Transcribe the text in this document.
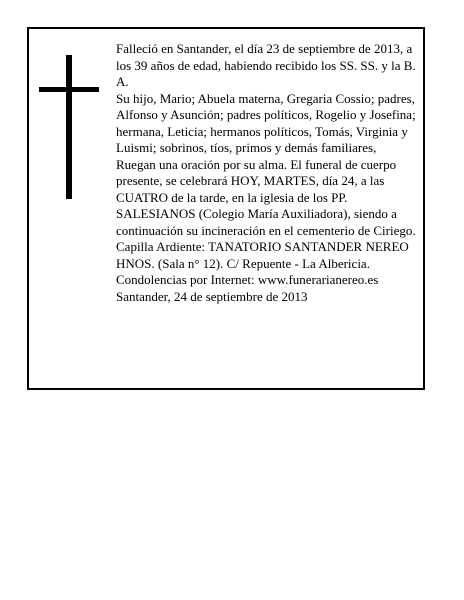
Falleció en Santander, el día 23 de septiembre de 2013, a los 39 años de edad, habiendo recibido los SS. SS. y la B. A.

Su hijo, Mario; Abuela materna, Gregaria Cossio; padres, Alfonso y Asunción; padres políticos, Rogelio y Josefina; hermana, Leticia; hermanos políticos, Tomás, Virginia y Luismi; sobrinos, tíos, primos y demás familiares,

Ruegan una oración por su alma. El funeral de cuerpo presente, se celebrará HOY, MARTES, día 24, a las CUATRO de la tarde, en la iglesia de los PP. SALESIANOS (Colegio María Auxiliadora), siendo a continuación su incineración en el cementerio de Ciriego. Capilla Ardiente: TANATORIO SANTANDER NEREO HNOS. (Sala n° 12). C/ Repuente - La Albericia.

Condolencias por Internet: www.funerarianereo.es

Santander, 24 de septiembre de 2013
